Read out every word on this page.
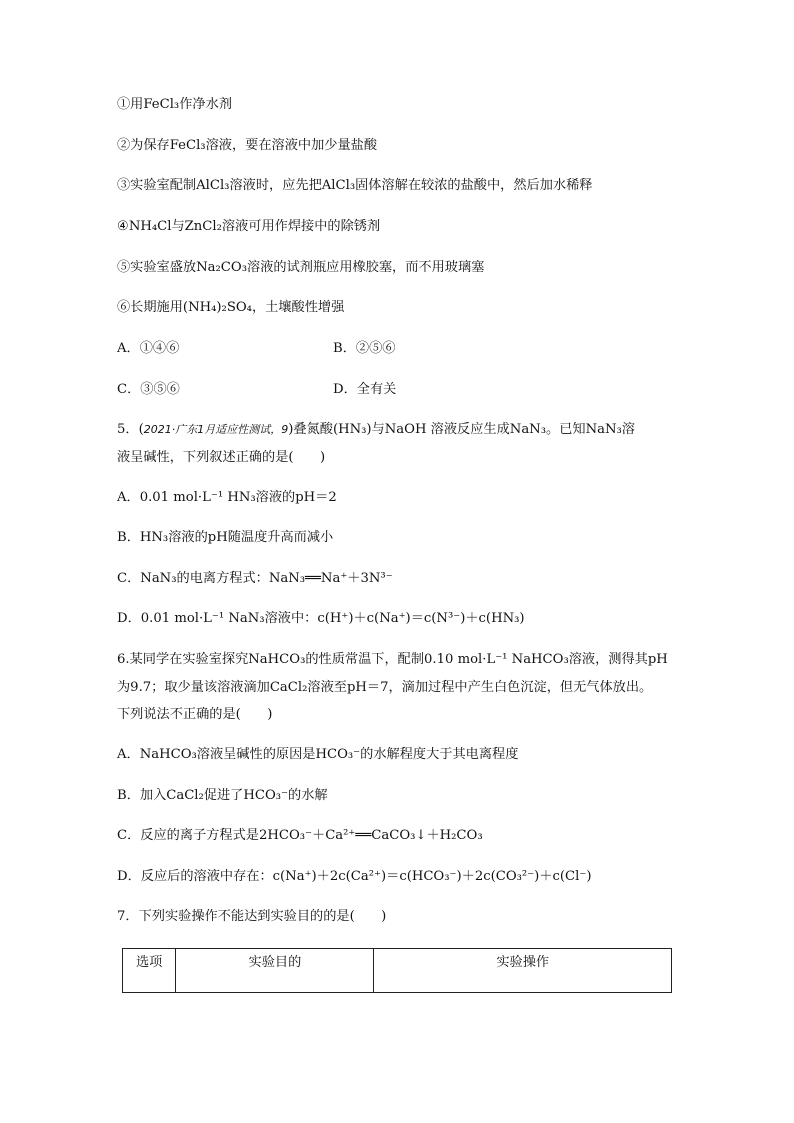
①用FeCl₃作净水剂
②为保存FeCl₃溶液，要在溶液中加少量盐酸
③实验室配制AlCl₃溶液时，应先把AlCl₃固体溶解在较浓的盐酸中，然后加水稀释
④NH₄Cl与ZnCl₂溶液可用作焊接中的除锈剂
⑤实验室盛放Na₂CO₃溶液的试剂瓶应用橡胶塞，而不用玻璃塞
⑥长期施用(NH₄)₂SO₄，土壤酸性增强
A．①④⑥	B．②⑤⑥
C．③⑤⑥	D．全有关
5．(2021·广东1月适应性测试，9)叠氮酸(HN₃)与NaOH 溶液反应生成NaN₃。已知NaN₃溶
液呈碱性，下列叙述正确的是(　　)
A．0.01 mol·L⁻¹ HN₃溶液的pH＝2
B．HN₃溶液的pH随温度升高而减小
C．NaN₃的电离方程式：NaN₃══Na⁺＋3N³⁻
D．0.01 mol·L⁻¹ NaN₃溶液中：c(H⁺)＋c(Na⁺)＝c(N³⁻)＋c(HN₃)
6.某同学在实验室探究NaHCO₃的性质常温下，配制0.10 mol·L⁻¹ NaHCO₃溶液，测得其pH
为9.7；取少量该溶液滴加CaCl₂溶液至pH＝7，滴加过程中产生白色沉淀，但无气体放出。
下列说法不正确的是(　　)
A．NaHCO₃溶液呈碱性的原因是HCO₃⁻的水解程度大于其电离程度
B．加入CaCl₂促进了HCO₃⁻的水解
C．反应的离子方程式是2HCO₃⁻＋Ca²⁺══CaCO₃↓＋H₂CO₃
D．反应后的溶液中存在：c(Na⁺)＋2c(Ca²⁺)＝c(HCO₃⁻)＋2c(CO₃²⁻)＋c(Cl⁻)
7．下列实验操作不能达到实验目的的是(　　)
选项	实验目的	实验操作
